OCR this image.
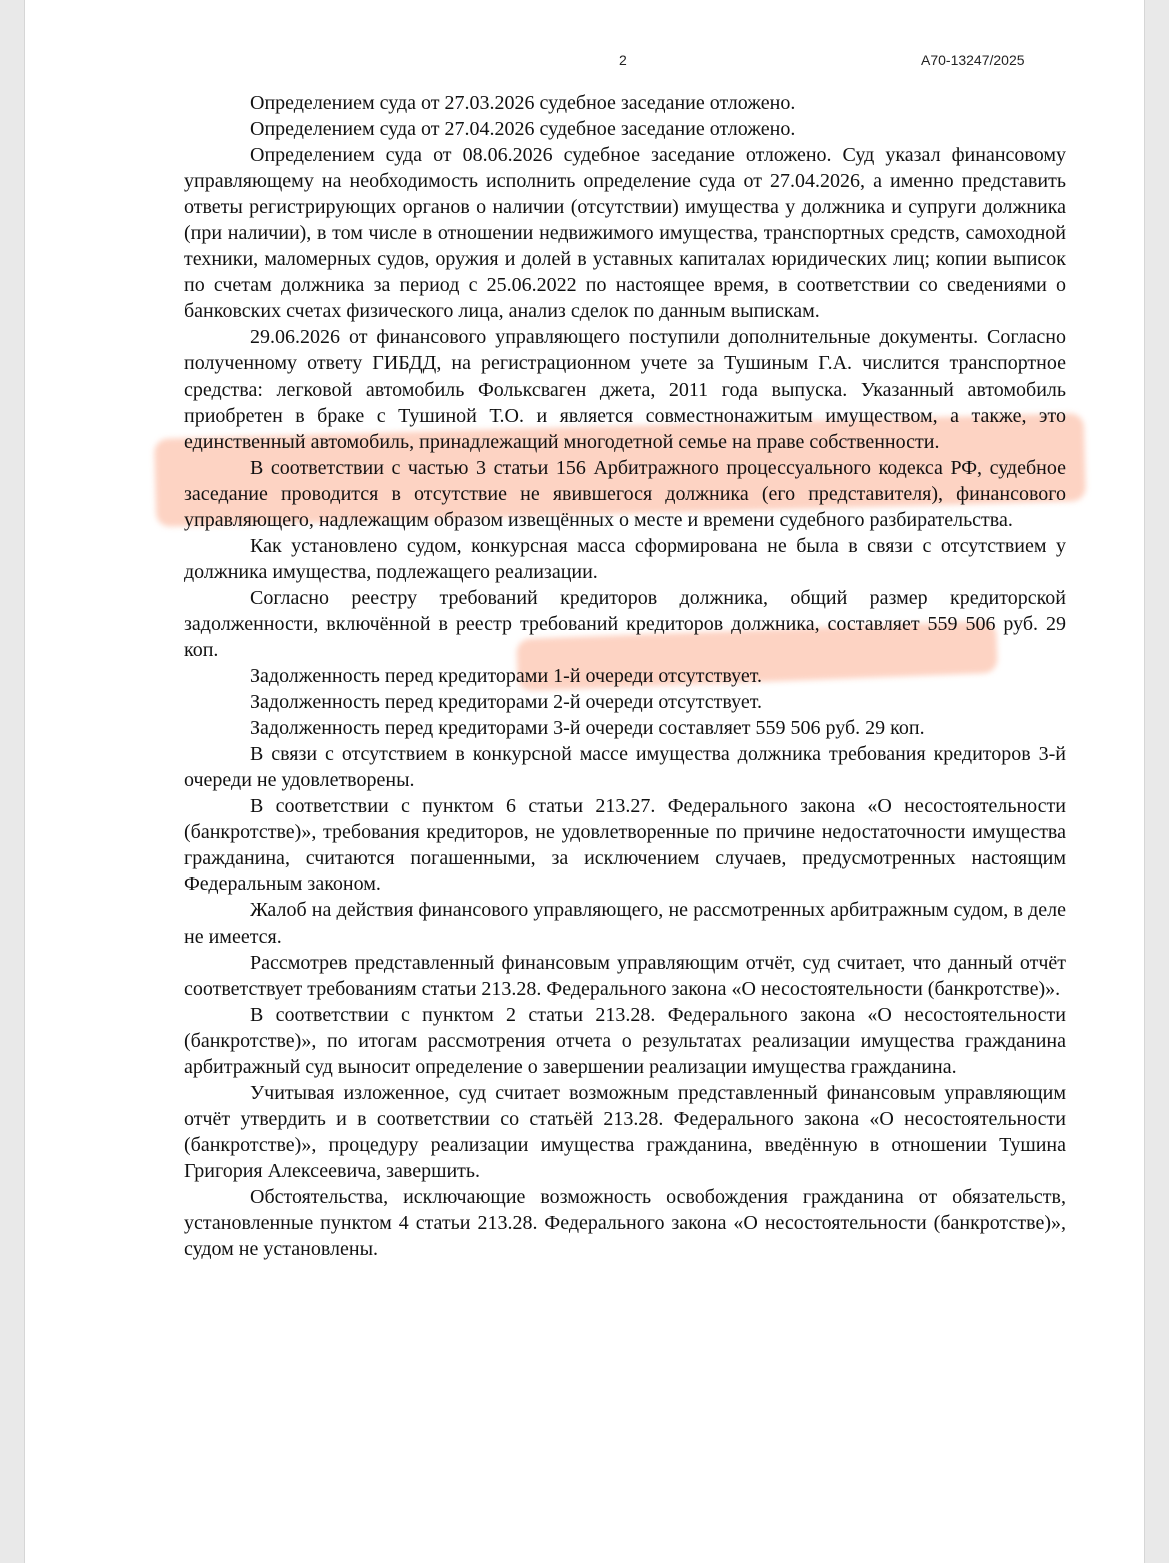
2	А70-13247/2025

Определением суда от 27.03.2026 судебное заседание отложено.

Определением суда от 27.04.2026 судебное заседание отложено.

Определением суда от 08.06.2026 судебное заседание отложено. Суд указал финансовому управляющему на необходимость исполнить определение суда от 27.04.2026, а именно представить ответы регистрирующих органов о наличии (отсутствии) имущества у должника и супруги должника (при наличии), в том числе в отношении недвижимого имущества, транспортных средств, самоходной техники, маломерных судов, оружия и долей в уставных капиталах юридических лиц; копии выписок по счетам должника за период с 25.06.2022 по настоящее время, в соответствии со сведениями о банковских счетах физического лица, анализ сделок по данным выпискам.

29.06.2026 от финансового управляющего поступили дополнительные документы. Согласно полученному ответу ГИБДД, на регистрационном учете за Тушиным Г.А. числится транспортное средства: легковой автомобиль Фольксваген джета, 2011 года выпуска. Указанный автомобиль приобретен в браке с Тушиной Т.О. и является совместнонажитым имуществом, а также, это единственный автомобиль, принадлежащий многодетной семье на праве собственности.

В соответствии с частью 3 статьи 156 Арбитражного процессуального кодекса РФ, судебное заседание проводится в отсутствие не явившегося должника (его представителя), финансового управляющего, надлежащим образом извещённых о месте и времени судебного разбирательства.

Как установлено судом, конкурсная масса сформирована не была в связи с отсутствием у должника имущества, подлежащего реализации.

Согласно реестру требований кредиторов должника, общий размер кредиторской задолженности, включённой в реестр требований кредиторов должника, составляет 559 506 руб. 29 коп.

Задолженность перед кредиторами 1-й очереди отсутствует.

Задолженность перед кредиторами 2-й очереди отсутствует.

Задолженность перед кредиторами 3-й очереди составляет 559 506 руб. 29 коп.

В связи с отсутствием в конкурсной массе имущества должника требования кредиторов 3-й очереди не удовлетворены.

В соответствии с пунктом 6 статьи 213.27. Федерального закона «О несостоятельности (банкротстве)», требования кредиторов, не удовлетворенные по причине недостаточности имущества гражданина, считаются погашенными, за исключением случаев, предусмотренных настоящим Федеральным законом.

Жалоб на действия финансового управляющего, не рассмотренных арбитражным судом, в деле не имеется.

Рассмотрев представленный финансовым управляющим отчёт, суд считает, что данный отчёт соответствует требованиям статьи 213.28. Федерального закона «О несостоятельности (банкротстве)».

В соответствии с пунктом 2 статьи 213.28. Федерального закона «О несостоятельности (банкротстве)», по итогам рассмотрения отчета о результатах реализации имущества гражданина арбитражный суд выносит определение о завершении реализации имущества гражданина.

Учитывая изложенное, суд считает возможным представленный финансовым управляющим отчёт утвердить и в соответствии со статьёй 213.28. Федерального закона «О несостоятельности (банкротстве)», процедуру реализации имущества гражданина, введённую в отношении Тушина Григория Алексеевича, завершить.

Обстоятельства, исключающие возможность освобождения гражданина от обязательств, установленные пунктом 4 статьи 213.28. Федерального закона «О несостоятельности (банкротстве)», судом не установлены.
